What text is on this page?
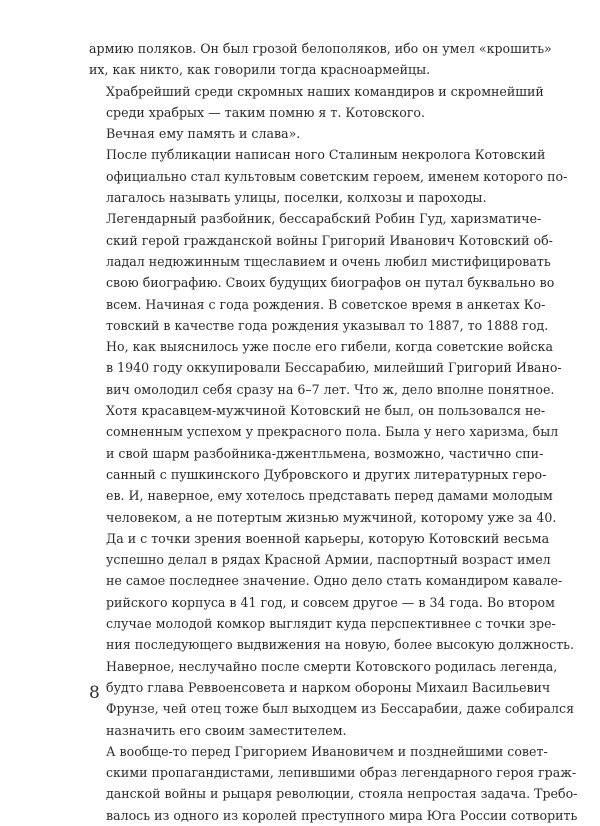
армию поляков. Он был грозой белополяков, ибо он умел «крошить»
их, как никто, как говорили тогда красноармейцы.

Храбрейший среди скромных наших командиров и скромнейший
среди храбрых — таким помню я т. Котовского.

Вечная ему память и слава».

После публикации написан ного Сталиным некролога Котовский
официально стал культовым советским героем, именем которого по-
лагалось называть улицы, поселки, колхозы и пароходы.

Легендарный разбойник, бессарабский Робин Гуд, харизматиче-
ский герой гражданской войны Григорий Иванович Котовский об-
ладал недюжинным тщеславием и очень любил мистифицировать
свою биографию. Своих будущих биографов он путал буквально во
всем. Начиная с года рождения. В советское время в анкетах Ко-
товский в качестве года рождения указывал то 1887, то 1888 год.
Но, как выяснилось уже после его гибели, когда советские войска
в 1940 году оккупировали Бессарабию, милейший Григорий Ивано-
вич омолодил себя сразу на 6–7 лет. Что ж, дело вполне понятное.
Хотя красавцем-мужчиной Котовский не был, он пользовался не-
сомненным успехом у прекрасного пола. Была у него харизма, был
и свой шарм разбойника-джентльмена, возможно, частично спи-
санный с пушкинского Дубровского и других литературных геро-
ев. И, наверное, ему хотелось представать перед дамами молодым
человеком, а не потертым жизнью мужчиной, которому уже за 40.
Да и с точки зрения военной карьеры, которую Котовский весьма
успешно делал в рядах Красной Армии, паспортный возраст имел
не самое последнее значение. Одно дело стать командиром кавале-
рийского корпуса в 41 год, и совсем другое — в 34 года. Во втором
случае молодой комкор выглядит куда перспективнее с точки зре-
ния последующего выдвижения на новую, более высокую должность.
Наверное, неслучайно после смерти Котовского родилась легенда,
будто глава Реввоенсовета и нарком обороны Михаил Васильевич
Фрунзе, чей отец тоже был выходцем из Бессарабии, даже собирался
назначить его своим заместителем.

А вообще-то перед Григорием Ивановичем и позднейшими совет-
скими пропагандистами, лепившими образ легендарного героя граж-
данской войны и рыцаря революции, стояла непростая задача. Требо-
валось из одного из королей преступного мира Юга России сотворить

8
